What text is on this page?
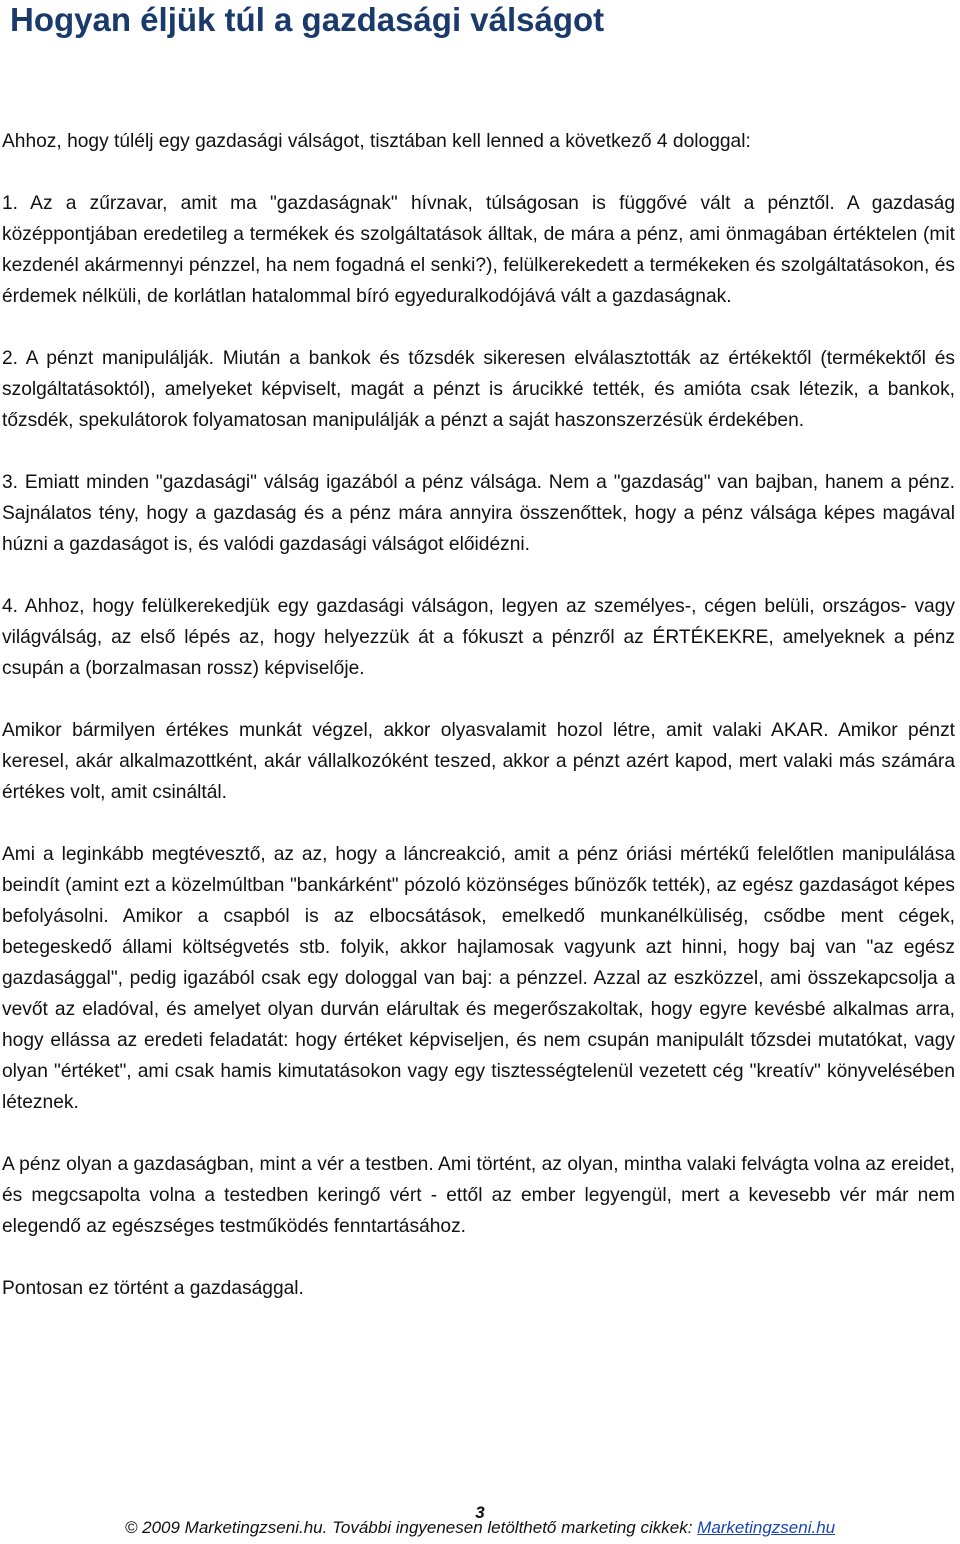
Hogyan éljük túl a gazdasági válságot

Ahhoz, hogy túlélj egy gazdasági válságot, tisztában kell lenned a következő 4 dologgal:

1. Az a zűrzavar, amit ma "gazdaságnak" hívnak, túlságosan is függővé vált a pénztől. A gazdaság középpontjában eredetileg a termékek és szolgáltatások álltak, de mára a pénz, ami önmagában értéktelen (mit kezdenél akármennyi pénzzel, ha nem fogadná el senki?), felülkerekedett a termékeken és szolgáltatásokon, és érdemek nélküli, de korlátlan hatalommal bíró egyeduralkodójává vált a gazdaságnak.

2. A pénzt manipulálják. Miután a bankok és tőzsdék sikeresen elválasztották az értékektől (termékektől és szolgáltatásoktól), amelyeket képviselt, magát a pénzt is árucikké tették, és amióta csak létezik, a bankok, tőzsdék, spekulátorok folyamatosan manipulálják a pénzt a saját haszonszerzésük érdekében.

3. Emiatt minden "gazdasági" válság igazából a pénz válsága. Nem a "gazdaság" van bajban, hanem a pénz. Sajnálatos tény, hogy a gazdaság és a pénz mára annyira összenőttek, hogy a pénz válsága képes magával húzni a gazdaságot is, és valódi gazdasági válságot előidézni.

4. Ahhoz, hogy felülkerekedjük egy gazdasági válságon, legyen az személyes-, cégen belüli, országos- vagy világválság, az első lépés az, hogy helyezzük át a fókuszt a pénzről az ÉRTÉKEKRE, amelyeknek a pénz csupán a (borzalmasan rossz) képviselője.

Amikor bármilyen értékes munkát végzel, akkor olyasvalamit hozol létre, amit valaki AKAR. Amikor pénzt keresel, akár alkalmazottként, akár vállalkozóként teszed, akkor a pénzt azért kapod, mert valaki más számára értékes volt, amit csináltál.

Ami a leginkább megtévesztő, az az, hogy a láncreakció, amit a pénz óriási mértékű felelőtlen manipulálása beindít (amint ezt a közelmúltban "bankárként" pózoló közönséges bűnözők tették), az egész gazdaságot képes befolyásolni. Amikor a csapból is az elbocsátások, emelkedő munkanélküliség, csődbe ment cégek, betegeskedő állami költségvetés stb. folyik, akkor hajlamosak vagyunk azt hinni, hogy baj van "az egész gazdasággal", pedig igazából csak egy dologgal van baj: a pénzzel. Azzal az eszközzel, ami összekapcsolja a vevőt az eladóval, és amelyet olyan durván elárultak és megerőszakoltak, hogy egyre kevésbé alkalmas arra, hogy ellássa az eredeti feladatát: hogy értéket képviseljen, és nem csupán manipulált tőzsdei mutatókat, vagy olyan "értéket", ami csak hamis kimutatásokon vagy egy tisztességtelenül vezetett cég "kreatív" könyvelésében léteznek.

A pénz olyan a gazdaságban, mint a vér a testben. Ami történt, az olyan, mintha valaki felvágta volna az ereidet, és megcsapolta volna a testedben keringő vért - ettől az ember legyengül, mert a kevesebb vér már nem elegendő az egészséges testműködés fenntartásához.

Pontosan ez történt a gazdasággal.

3
© 2009 Marketingzseni.hu. További ingyenesen letölthető marketing cikkek: Marketingzseni.hu
